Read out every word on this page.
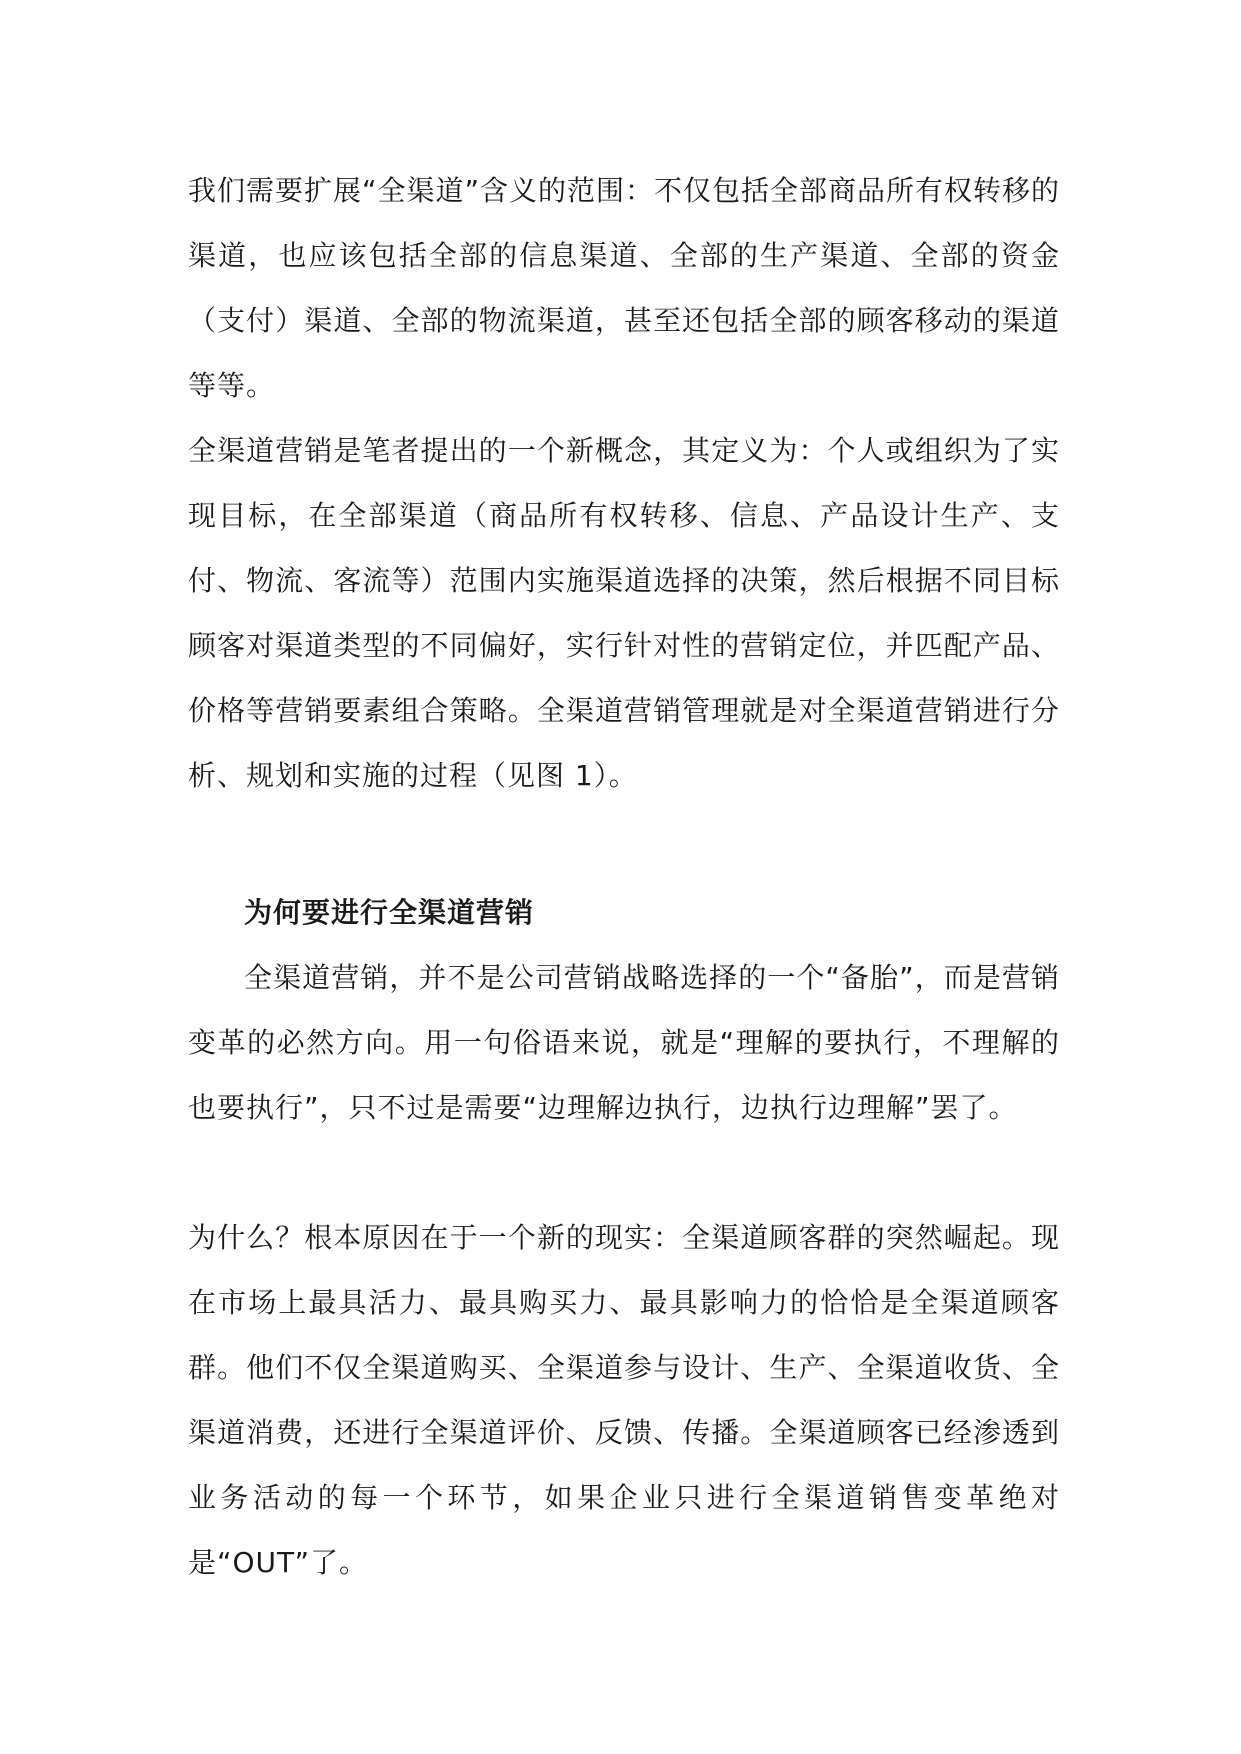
我们需要扩展“全渠道”含义的范围：不仅包括全部商品所有权转移的渠道，也应该包括全部的信息渠道、全部的生产渠道、全部的资金（支付）渠道、全部的物流渠道，甚至还包括全部的顾客移动的渠道等等。

全渠道营销是笔者提出的一个新概念，其定义为：个人或组织为了实现目标，在全部渠道（商品所有权转移、信息、产品设计生产、支付、物流、客流等）范围内实施渠道选择的决策，然后根据不同目标顾客对渠道类型的不同偏好，实行针对性的营销定位，并匹配产品、价格等营销要素组合策略。全渠道营销管理就是对全渠道营销进行分析、规划和实施的过程（见图 1）。

为何要进行全渠道营销

全渠道营销，并不是公司营销战略选择的一个“备胎”，而是营销变革的必然方向。用一句俗语来说，就是“理解的要执行，不理解的也要执行”，只不过是需要“边理解边执行，边执行边理解”罢了。

为什么？根本原因在于一个新的现实：全渠道顾客群的突然崛起。现在市场上最具活力、最具购买力、最具影响力的恰恰是全渠道顾客群。他们不仅全渠道购买、全渠道参与设计、生产、全渠道收货、全渠道消费，还进行全渠道评价、反馈、传播。全渠道顾客已经渗透到业务活动的每一个环节，如果企业只进行全渠道销售变革绝对是“OUT”了。
